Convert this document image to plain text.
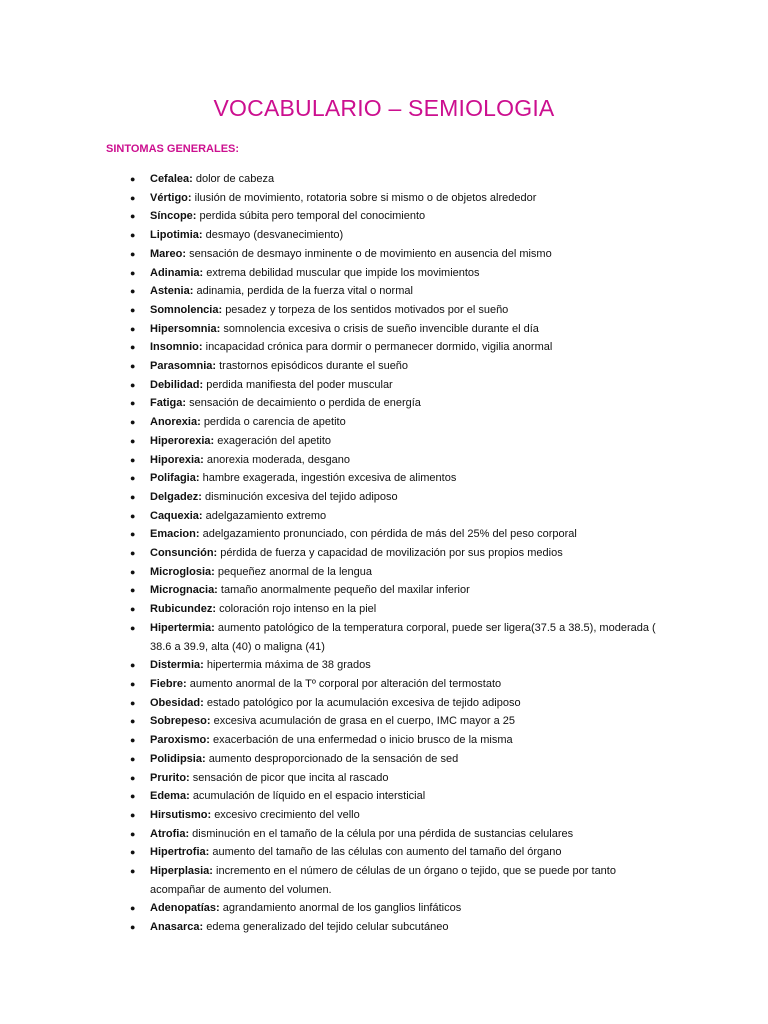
VOCABULARIO – SEMIOLOGIA
SINTOMAS GENERALES:
● Cefalea: dolor de cabeza
● Vértigo: ilusión de movimiento, rotatoria sobre si mismo o de objetos alrededor
● Síncope: perdida súbita pero temporal del conocimiento
● Lipotimia: desmayo (desvanecimiento)
● Mareo: sensación de desmayo inminente o de movimiento en ausencia del mismo
● Adinamia: extrema debilidad muscular que impide los movimientos
● Astenia: adinamia, perdida de la fuerza vital o normal
● Somnolencia: pesadez y torpeza de los sentidos motivados por el sueño
● Hipersomnia: somnolencia excesiva o crisis de sueño invencible durante el día
● Insomnio: incapacidad crónica para dormir o permanecer dormido, vigilia anormal
● Parasomnia: trastornos episódicos durante el sueño
● Debilidad: perdida manifiesta del poder muscular
● Fatiga: sensación de decaimiento o perdida de energía
● Anorexia: perdida o carencia de apetito
● Hiperorexia: exageración del apetito
● Hiporexia: anorexia moderada, desgano
● Polifagia: hambre exagerada, ingestión excesiva de alimentos
● Delgadez: disminución excesiva del tejido adiposo
● Caquexia: adelgazamiento extremo
● Emacion: adelgazamiento pronunciado, con pérdida de más del 25% del peso corporal
● Consunción: pérdida de fuerza y capacidad de movilización por sus propios medios
● Microglosia: pequeñez anormal de la lengua
● Micrognacia: tamaño anormalmente pequeño del maxilar inferior
● Rubicundez: coloración rojo intenso en la piel
● Hipertermia: aumento patológico de la temperatura corporal, puede ser ligera(37.5 a 38.5), moderada ( 38.6 a 39.9, alta (40) o maligna (41)
● Distermia: hipertermia máxima de 38 grados
● Fiebre: aumento anormal de la Tº corporal por alteración del termostato
● Obesidad: estado patológico por la acumulación excesiva de tejido adiposo
● Sobrepeso: excesiva acumulación de grasa en el cuerpo, IMC mayor a 25
● Paroxismo: exacerbación de una enfermedad o inicio brusco de la misma
● Polidipsia: aumento desproporcionado de la sensación de sed
● Prurito: sensación de picor que incita al rascado
● Edema: acumulación de líquido en el espacio intersticial
● Hirsutismo: excesivo crecimiento del vello
● Atrofia: disminución en el tamaño de la célula por una pérdida de sustancias celulares
● Hipertrofia: aumento del tamaño de las células con aumento del tamaño del órgano
● Hiperplasia: incremento en el número de células de un órgano o tejido, que se puede por tanto acompañar de aumento del volumen.
● Adenopatías: agrandamiento anormal de los ganglios linfáticos
● Anasarca: edema generalizado del tejido celular subcutáneo
